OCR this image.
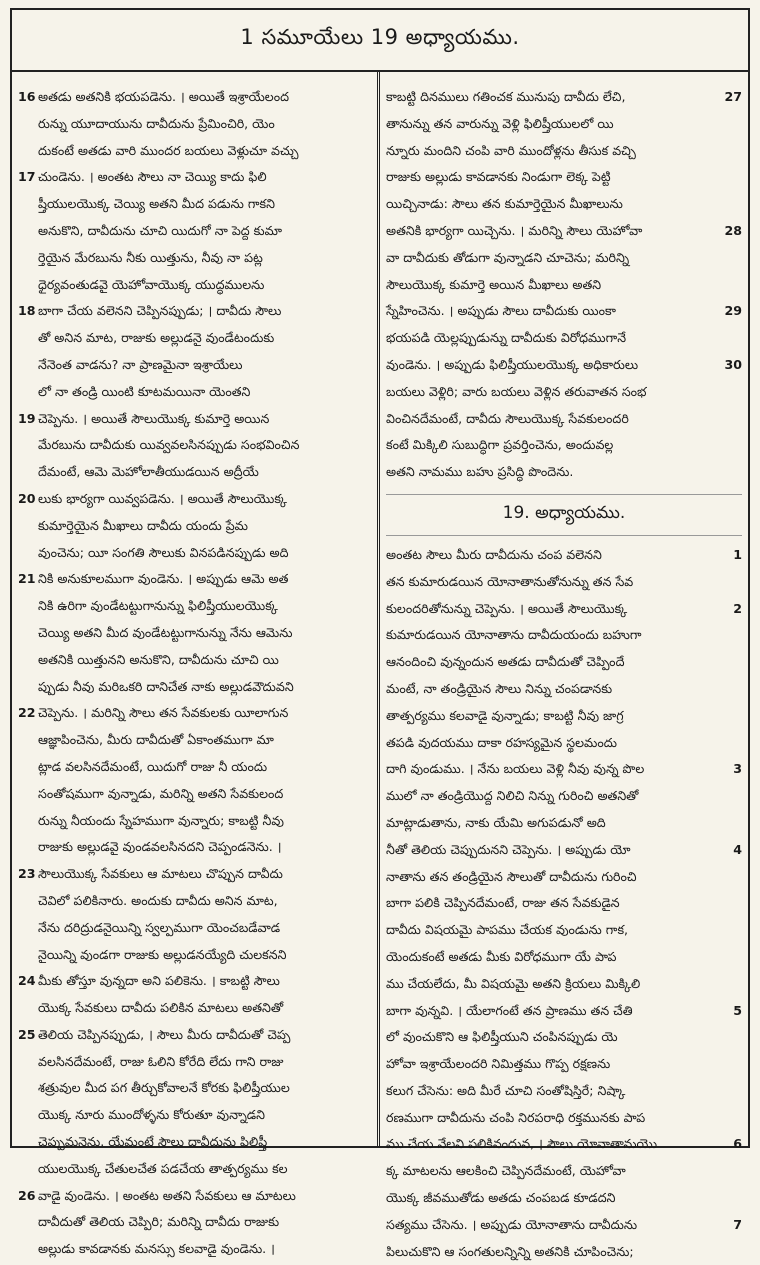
1 సమూయేలు 19 అధ్యాయము.
16 అతడు అతనికి భయపడెను. । అయితే ఇశ్రాయేలంద
రున్ను యూదాయును దావీదును ప్రేమించిరి, యెం
దుకంటే అతడు వారి ముందర బయలు వెళ్లుచూ వచ్చు
17 చుండెను. । అంతట సౌలు నా చెయ్యి కాదు ఫిలి
ష్తీయులయొక్క చెయ్యి అతని మీద పడును గాకని
అనుకొని, దావీదును చూచి యిదుగో నా పెద్ద కుమా
ర్తెయైన మేరబును నీకు యిత్తును, నీవు నా పట్ల
ధైర్యవంతుడవై యెహోవాయొక్క యుద్ధములను
18 బాగా చేయ వలెనని చెప్పినప్పుడు; । దావీదు సౌలు
తో అనిన మాట, రాజుకు అల్లుడనై వుండేటందుకు
నేనెంత వాడను? నా ప్రాణమైనా ఇశ్రాయేలు
లో నా తండ్రి యింటి కూటమయినా యెంతని
19 చెప్పెను. । అయితే సౌలుయొక్క కుమార్తె అయిన
మేరబును దావీదుకు యివ్వవలసినప్పుడు సంభవించిన
దేమంటే, ఆమె మెహోలాతీయుడయిన అద్రీయే
20 లుకు భార్యగా యివ్వపడెను. । అయితే సౌలుయొక్క
కుమార్తెయైన మీఖాలు దావీదు యందు ప్రేమ
వుంచెను; యీ సంగతి సౌలుకు వినపడినప్పుడు అది
21 నికి అనుకూలముగా వుండెను. । అప్పుడు ఆమె అత
నికి ఉరిగా వుండేటట్టుగానున్ను ఫిలిష్తీయులయొక్క
చెయ్యి అతని మీద వుండేటట్టుగానున్ను నేను ఆమెను
అతనికి యిత్తునని అనుకొని, దావీదును చూచి యి
ప్పుడు నీవు మరిఒకరి దానిచేత నాకు అల్లుడవౌదువని
22 చెప్పెను. । మరిన్ని సౌలు తన సేవకులకు యీలాగున
ఆజ్ఞాపించెను, మీరు దావీదుతో ఏకాంతముగా మా
ట్లాడ వలసినదేమంటే, యిదుగో రాజు నీ యందు
సంతోషముగా వున్నాడు, మరిన్ని అతని సేవకులంద
రున్ను నీయందు స్నేహముగా వున్నారు; కాబట్టి నీవు
రాజుకు అల్లుడవై వుండవలసినదని చెప్పండనెను. ।
23 సౌలుయొక్క సేవకులు ఆ మాటలు చొప్పున దావీదు
చెవిలో పలికినారు. అందుకు దావీదు అనిన మాట,
నేను దరిద్రుడనైయిన్ని స్వల్పముగా యెంచబడేవాడ
నైయిన్ని వుండగా రాజుకు అల్లుడనయ్యేది చులకనని
24 మీకు తోస్తూ వున్నదా అని పలికెను. । కాబట్టి సౌలు
యొక్క సేవకులు దావీదు పలికిన మాటలు అతనితో
25 తెలియ చెప్పినప్పుడు, । సౌలు మీరు దావీదుతో చెప్ప
వలసినదేమంటే, రాజు ఓలిని కోరేది లేదు గాని రాజు
శత్రువుల మీద పగ తీర్చుకోవాలనే కోరకు ఫిలిష్తీయుల
యొక్క నూరు ముందోళ్ళను కోరుతూ వున్నాడని
చెప్పుమనెను. యేమంటే సౌలు దావీదును ఫిలిష్తీ
యులయొక్క చేతులచేత పడచేయ తాత్పర్యము కల
26 వాడై వుండెను. । అంతట అతని సేవకులు ఆ మాటలు
దావీదుతో తెలియ చెప్పిరి; మరిన్ని దావీదు రాజుకు
అల్లుడు కావడానకు మనస్సు కలవాడై వుండెను. ।
కాబట్టి దినములు గతించక మునుపు దావీదు లేచి,	27
తానున్ను తన వారున్ను వెళ్లి ఫిలిష్తీయులలో యి
న్నూరు మందిని చంపి వారి ముందోళ్లను తీసుక వచ్చి
రాజుకు అల్లుడు కావడానకు నిండుగా లెక్క పెట్టి
యిచ్చినాడు: సౌలు తన కుమార్తెయైన మీఖాలును
అతనికి భార్యగా యిచ్చెను. । మరిన్ని సౌలు యెహోవా	28
వా దావీదుకు తోడుగా వున్నాడని చూచెను; మరిన్ని
సౌలుయొక్క కుమార్తె అయిన మీఖాలు అతని
స్నేహించెను. । అప్పుడు సౌలు దావీదుకు యింకా	29
భయపడి యెల్లప్పుడున్ను దావీదుకు విరోధముగానే
వుండెను. । అప్పుడు ఫిలిష్తీయులయొక్క అధికారులు	30
బయలు వెళ్లిరి; వారు బయలు వెళ్లిన తరువాతన సంభ
వించినదేమంటే, దావీదు సౌలుయొక్క సేవకులందరి
కంటే మిక్కిలి సుబుద్ధిగా ప్రవర్తించెను, అందువల్ల
అతని నామము బహు ప్రసిద్ధి పొందెను.
19. అధ్యాయము.
అంతట సౌలు మీరు దావీదును చంప వలెనని	1
తన కుమారుడయిన యోనాతానుతోనున్ను తన సేవ
కులందరితోనున్ను చెప్పెను. । అయితే సౌలుయొక్క	2
కుమారుడయిన యోనాతాను దావీదుయందు బహుగా
ఆనందించి వున్నందున అతడు దావీదుతో చెప్పిందే
మంటే, నా తండ్రియైన సౌలు నిన్ను చంపడానకు
తాత్పర్యము కలవాడై వున్నాడు; కాబట్టి నీవు జాగ్ర
తపడి వుదయము దాకా రహస్యమైన స్థలమందు
దాగి వుండుము. । నేను బయలు వెళ్లి నీవు వున్న పొల	3
ములో నా తండ్రియొద్ద నిలిచి నిన్ను గురించి అతనితో
మాట్లాడుతాను, నాకు యేమి అగుపడునో అది
నీతో తెలియ చెప్పుదునని చెప్పెను. । అప్పుడు యో	4
నాతాను తన తండ్రియైన సౌలుతో దావీదును గురించి
బాగా పలికి చెప్పినదేమంటే, రాజు తన సేవకుడైన
దావీదు విషయమై పాపము చేయక వుండును గాక,
యెందుకంటే అతడు మీకు విరోధముగా యే పాప
ము చేయలేదు, మీ విషయమై అతని క్రియలు మిక్కిలి
బాగా వున్నవి. । యేలాగంటే తన ప్రాణము తన చేతి	5
లో వుంచుకొని ఆ ఫిలిష్తీయుని చంపినప్పుడు యె
హోవా ఇశ్రాయేలందరి నిమిత్తము గొప్ప రక్షణను
కలుగ చేసెను: అది మీరే చూచి సంతోషిస్తిరే; నిష్కా
రణముగా దావీదును చంపి నిరపరాధి రక్తమునకు పాప
ము చేయ నేలని పలికినందున, । సౌలు యోనాతానుయొ	6
క్క మాటలను ఆలకించి చెప్పినదేమంటే, యెహోవా
యొక్క జీవముతోడు అతడు చంపబడ కూడదని
సత్యము చేసెను. । అప్పుడు యోనాతాను దావీదును	7
పిలుచుకొని ఆ సంగతులన్నిన్ని అతనికి చూపించెను;
